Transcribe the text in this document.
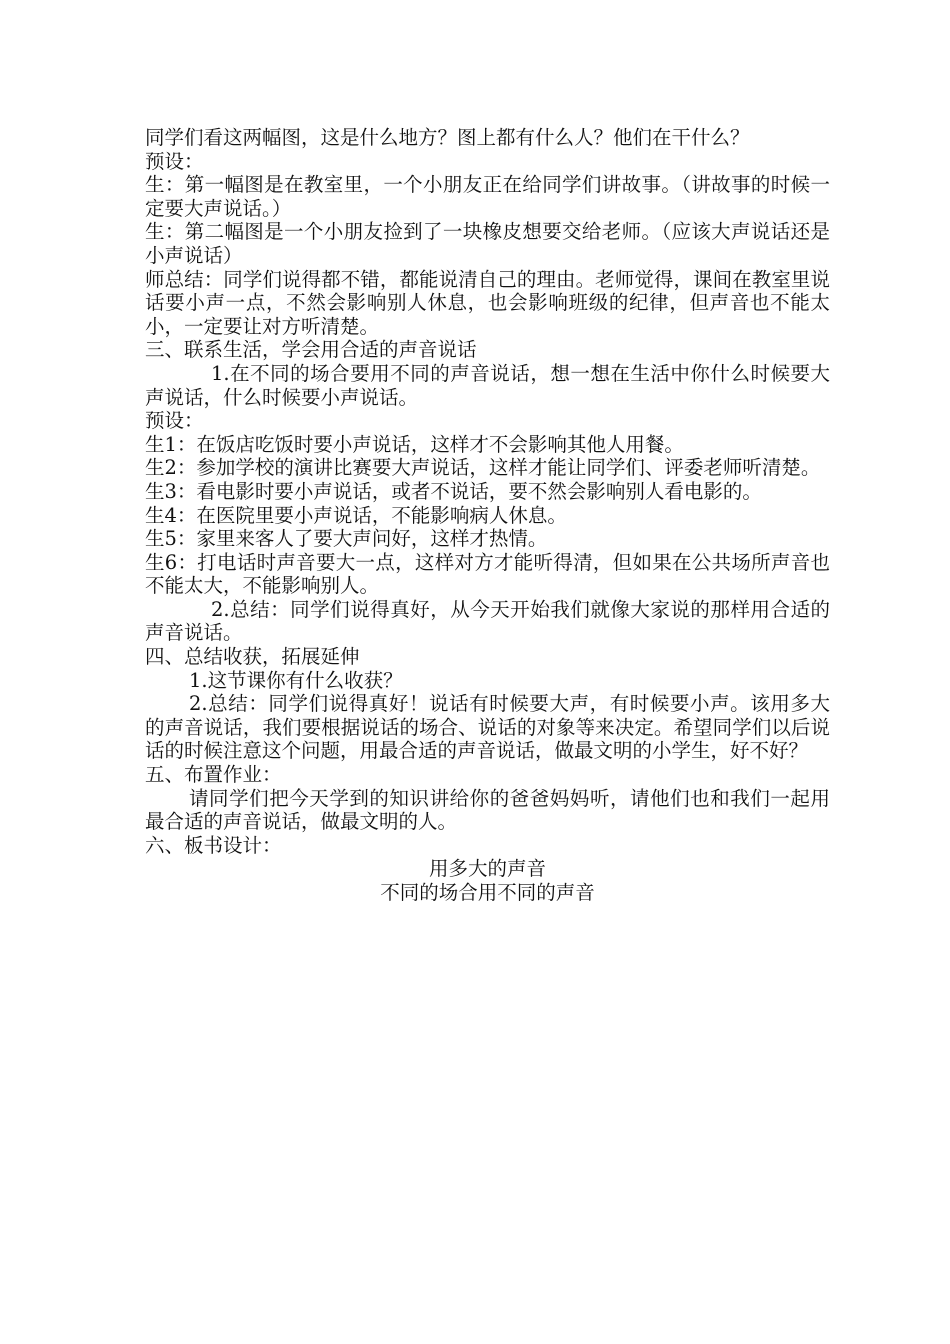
同学们看这两幅图，这是什么地方？图上都有什么人？他们在干什么？

预设：

生：第一幅图是在教室里，一个小朋友正在给同学们讲故事。（讲故事的时候一定要大声说话。）

生：第二幅图是一个小朋友捡到了一块橡皮想要交给老师。（应该大声说话还是小声说话）

师总结：同学们说得都不错，都能说清自己的理由。老师觉得，课间在教室里说话要小声一点，不然会影响别人休息，也会影响班级的纪律，但声音也不能太小，一定要让对方听清楚。

三、联系生活，学会用合适的声音说话

1.在不同的场合要用不同的声音说话，想一想在生活中你什么时候要大声说话，什么时候要小声说话。

预设：

生1：在饭店吃饭时要小声说话，这样才不会影响其他人用餐。

生2：参加学校的演讲比赛要大声说话，这样才能让同学们、评委老师听清楚。

生3：看电影时要小声说话，或者不说话，要不然会影响别人看电影的。

生4：在医院里要小声说话，不能影响病人休息。

生5：家里来客人了要大声问好，这样才热情。

生6：打电话时声音要大一点，这样对方才能听得清，但如果在公共场所声音也不能太大，不能影响别人。

2.总结：同学们说得真好，从今天开始我们就像大家说的那样用合适的声音说话。

四、总结收获，拓展延伸

1.这节课你有什么收获？

2.总结：同学们说得真好！说话有时候要大声，有时候要小声。该用多大的声音说话，我们要根据说话的场合、说话的对象等来决定。希望同学们以后说话的时候注意这个问题，用最合适的声音说话，做最文明的小学生，好不好？

五、布置作业：

请同学们把今天学到的知识讲给你的爸爸妈妈听，请他们也和我们一起用最合适的声音说话，做最文明的人。

六、板书设计：

用多大的声音

不同的场合用不同的声音
